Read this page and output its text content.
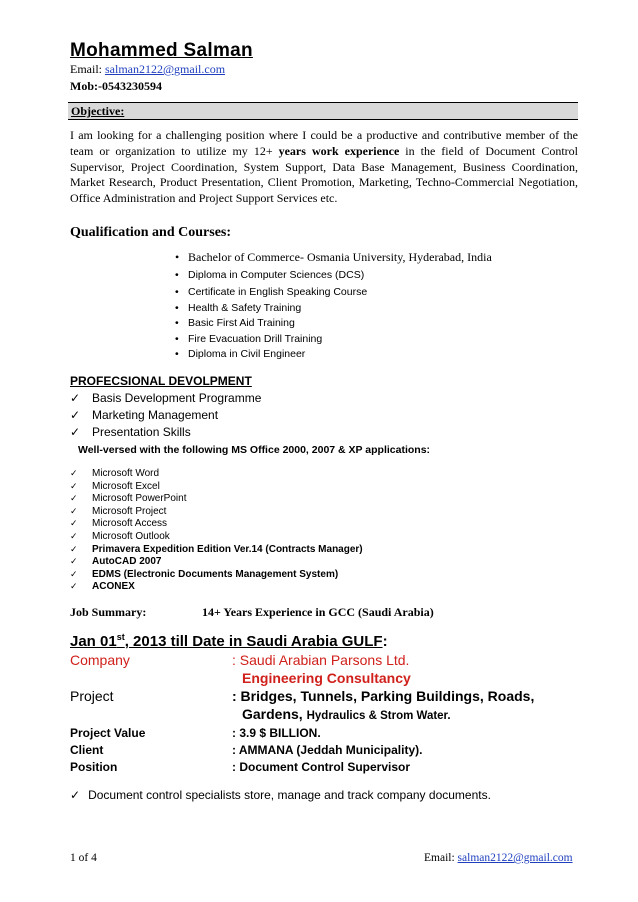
Mohammed Salman
Email: salman2122@gmail.com
Mob:-0543230594
Objective:
I am looking for a challenging position where I could be a productive and contributive member of the team or organization to utilize my 12+ years work experience in the field of Document Control Supervisor, Project Coordination, System Support, Data Base Management, Business Coordination, Market Research, Product Presentation, Client Promotion, Marketing, Techno-Commercial Negotiation, Office Administration and Project Support Services etc.
Qualification and Courses:
• Bachelor of Commerce- Osmania University, Hyderabad, India
• Diploma in Computer Sciences (DCS)
• Certificate in English Speaking Course
• Health & Safety Training
• Basic First Aid Training
• Fire Evacuation Drill Training
• Diploma in Civil Engineer
PROFECSIONAL DEVOLPMENT
✓ Basis Development Programme
✓ Marketing Management
✓ Presentation Skills
Well-versed with the following MS Office 2000, 2007 & XP applications:
✓ Microsoft Word
✓ Microsoft Excel
✓ Microsoft PowerPoint
✓ Microsoft Project
✓ Microsoft Access
✓ Microsoft Outlook
✓ Primavera Expedition Edition Ver.14 (Contracts Manager)
✓ AutoCAD 2007
✓ EDMS (Electronic Documents Management System)
✓ ACONEX
Job Summary:	14+ Years Experience in GCC (Saudi Arabia)
Jan 01st, 2013 till Date in Saudi Arabia GULF:
Company	: Saudi Arabian Parsons Ltd.
Engineering Consultancy
Project	: Bridges, Tunnels, Parking Buildings, Roads,
Gardens, Hydraulics & Strom Water.
Project Value	: 3.9 $ BILLION.
Client	: AMMANA (Jeddah Municipality).
Position	: Document Control Supervisor
✓ Document control specialists store, manage and track company documents.
1 of 4	Email: salman2122@gmail.com
